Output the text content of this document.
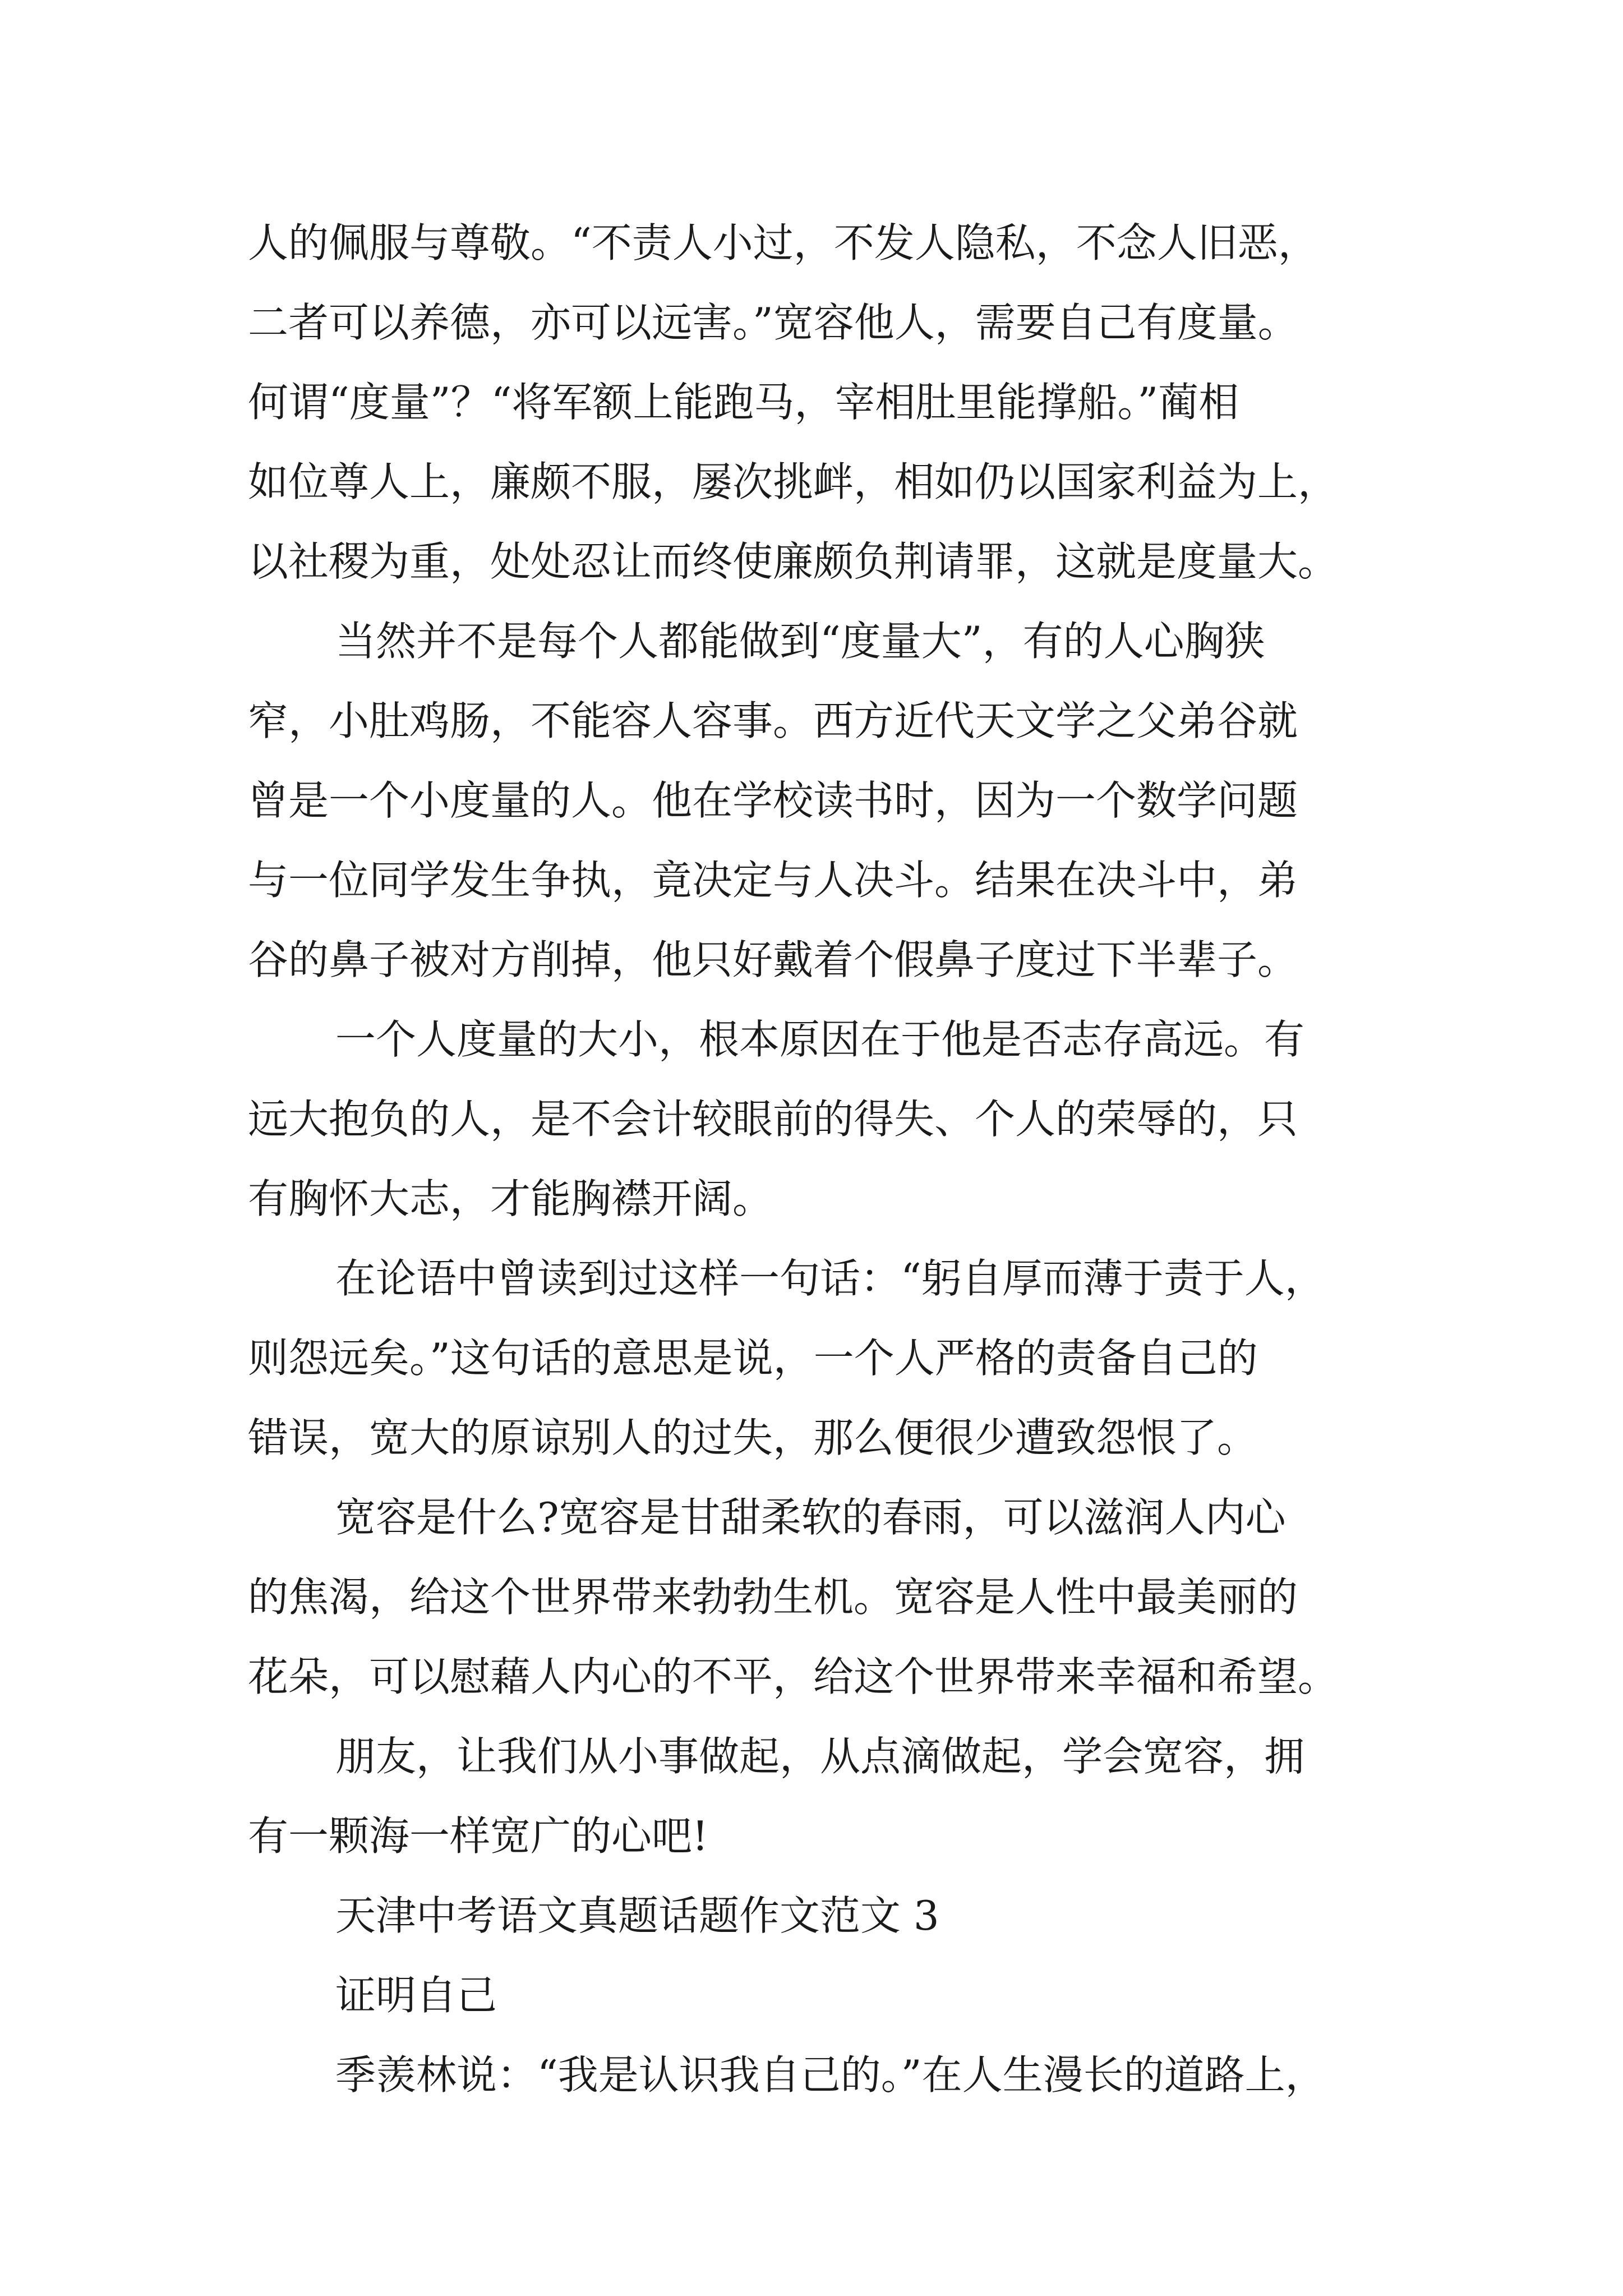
人的佩服与尊敬。“不责人小过，不发人隐私，不念人旧恶，
二者可以养德，亦可以远害。”宽容他人，需要自己有度量。
何谓“度量”？“将军额上能跑马，宰相肚里能撑船。”蔺相
如位尊人上，廉颇不服，屡次挑衅，相如仍以国家利益为上，
以社稷为重，处处忍让而终使廉颇负荆请罪，这就是度量大。
当然并不是每个人都能做到“度量大”，有的人心胸狭
窄，小肚鸡肠，不能容人容事。西方近代天文学之父弟谷就
曾是一个小度量的人。他在学校读书时，因为一个数学问题
与一位同学发生争执，竟决定与人决斗。结果在决斗中，弟
谷的鼻子被对方削掉，他只好戴着个假鼻子度过下半辈子。
一个人度量的大小，根本原因在于他是否志存高远。有
远大抱负的人，是不会计较眼前的得失、个人的荣辱的，只
有胸怀大志，才能胸襟开阔。
在论语中曾读到过这样一句话：“躬自厚而薄于责于人，
则怨远矣。”这句话的意思是说，一个人严格的责备自己的
错误，宽大的原谅别人的过失，那么便很少遭致怨恨了。
宽容是什么?宽容是甘甜柔软的春雨，可以滋润人内心
的焦渴，给这个世界带来勃勃生机。宽容是人性中最美丽的
花朵，可以慰藉人内心的不平，给这个世界带来幸福和希望。
朋友，让我们从小事做起，从点滴做起，学会宽容，拥
有一颗海一样宽广的心吧!
天津中考语文真题话题作文范文 3
证明自己
季羡林说：“我是认识我自己的。”在人生漫长的道路上，
